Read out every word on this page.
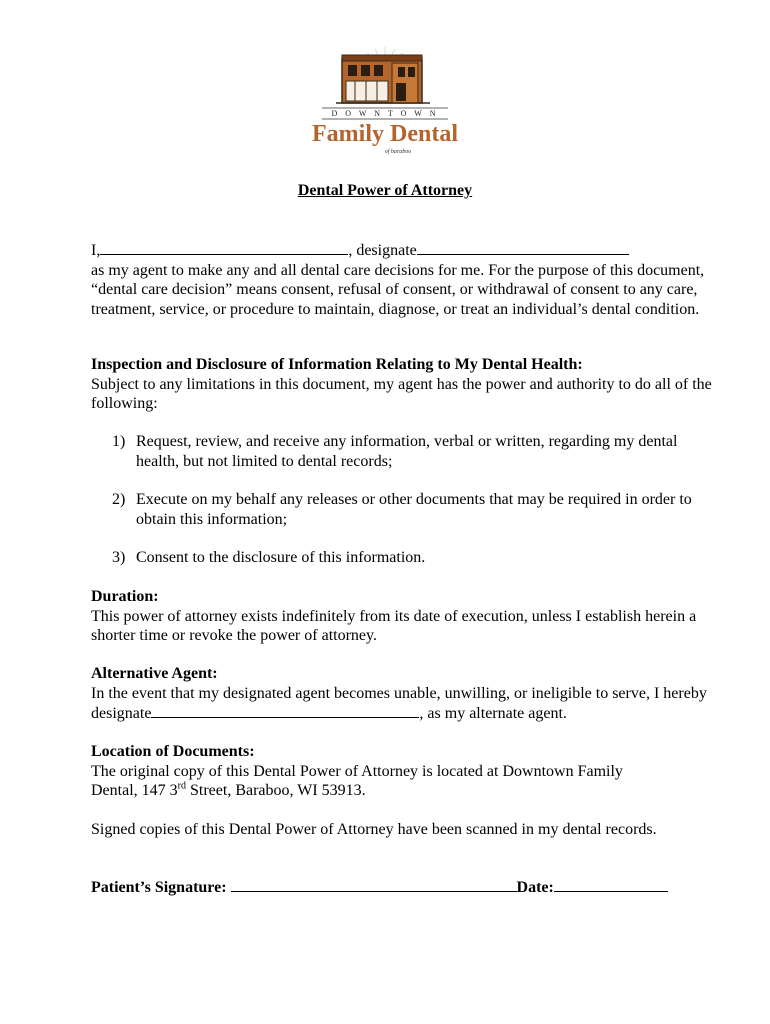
D O W N T O W N
Family Dental
of baraboo
Dental Power of Attorney
I,	, designate
as my agent to make any and all dental care decisions for me. For the purpose of this document, “dental care decision” means consent, refusal of consent, or withdrawal of consent to any care, treatment, service, or procedure to maintain, diagnose, or treat an individual’s dental condition.
Inspection and Disclosure of Information Relating to My Dental Health:
Subject to any limitations in this document, my agent has the power and authority to do all of the following:
1) Request, review, and receive any information, verbal or written, regarding my dental health, but not limited to dental records;
2) Execute on my behalf any releases or other documents that may be required in order to obtain this information;
3) Consent to the disclosure of this information.
Duration:
This power of attorney exists indefinitely from its date of execution, unless I establish herein a shorter time or revoke the power of attorney.
Alternative Agent:
In the event that my designated agent becomes unable, unwilling, or ineligible to serve, I hereby
designate	, as my alternate agent.
Location of Documents:
The original copy of this Dental Power of Attorney is located at Downtown Family
Dental, 147 3rd Street, Baraboo, WI 53913.
Signed copies of this Dental Power of Attorney have been scanned in my dental records.
Patient’s Signature:	Date:
